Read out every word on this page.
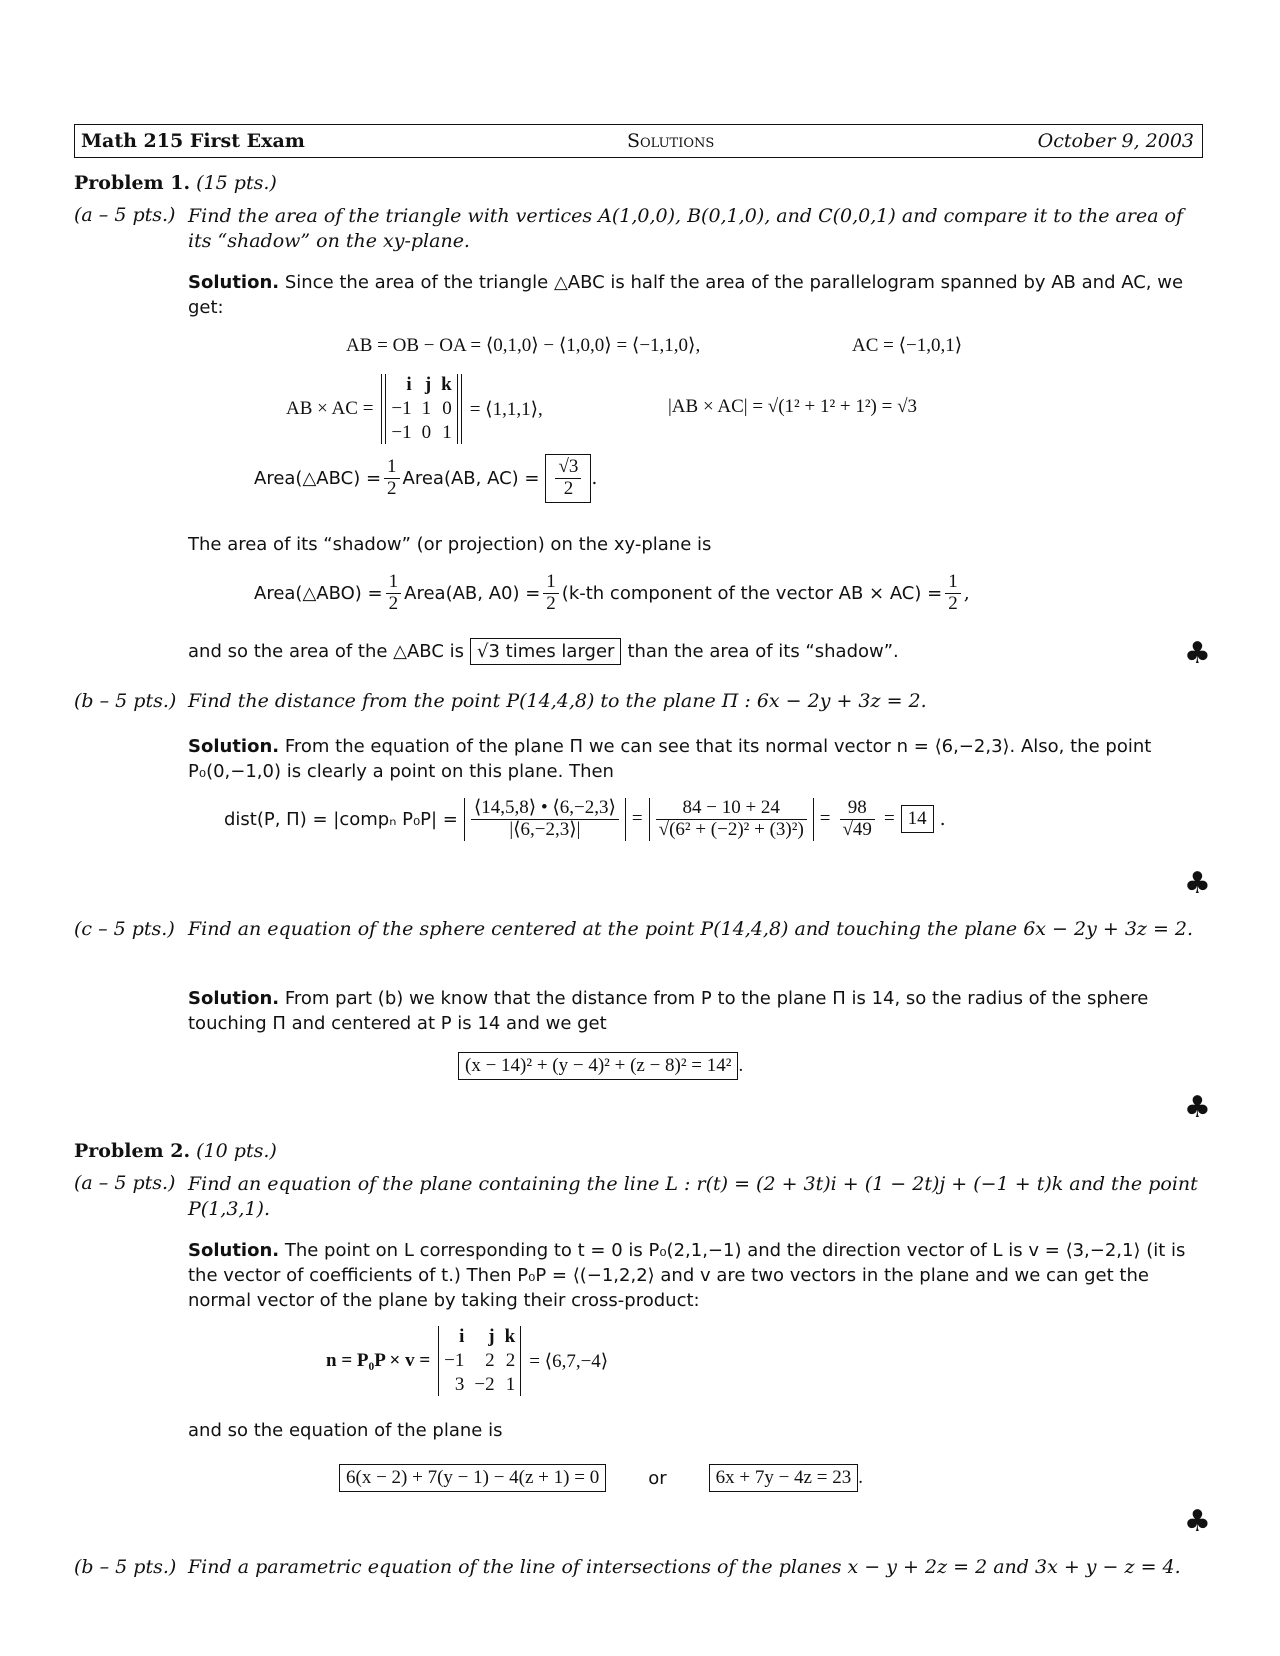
Math 215 First Exam	Solutions	October 9, 2003
Problem 1. (15 pts.)
(a – 5 pts.) Find the area of the triangle with vertices A(1,0,0), B(0,1,0), and C(0,0,1) and compare it to the area of its “shadow” on the xy-plane.
Solution. Since the area of the triangle △ABC is half the area of the parallelogram spanned by AB and AC, we get:
AB = OB − OA = ⟨0,1,0⟩ − ⟨1,0,0⟩ = ⟨−1,1,0⟩,	AC = ⟨−1,0,1⟩
AB × AC =
i j k
−1 1 0
−1 0 1
= ⟨1,1,1⟩,	|AB × AC| = √(1² + 1² + 1²) = √3
Area(△ABC) = $\frac{1}{2}$ Area(AB, $AC) = \frac{√3}{2}$ .
The area of its “shadow” (or projection) on the xy-plane is
Area(△ABO) = $\frac{1}{2}$ Area(AB, $A0) = \frac{1}{2} (k-th$ component of the vector AB × $AC) = \frac{1}{2}$ ,
and so the area of the △ABC is √3 times larger than the area of its “shadow”.	♣
(b – 5 pts.) Find the distance from the point P(14,4,8) to the plane Π : 6x − 2y + 3z = 2.
Solution. From the equation of the plane Π we can see that its normal vector n = ⟨6,−2,3⟩. Also, the point P₀(0,−1,0) is clearly a point on this plane. Then
dist(P, Π) = |compₙ $P_0P| = \frac{⟨14,5,8⟩ • ⟨6,-2,3⟩}{|⟨6,-2,3⟩|} = \frac{84 - 10 + 24}{\text{√(6² + (−2)² + (3)²)}} = \frac{98}{√49} = 14$ .
♣
(c – 5 pts.) Find an equation of the sphere centered at the point P(14,4,8) and touching the plane 6x − 2y + 3z = 2.
Solution. From part (b) we know that the distance from P to the plane Π is 14, so the radius of the sphere touching Π and centered at P is 14 and we get
(x − 14)² + (y − 4)² + (z − 8)² = 14² .
♣
Problem 2. (10 pts.)
(a – 5 pts.) Find an equation of the plane containing the line L : r(t) = (2 + 3t)i + (1 − 2t)j + (−1 + t)k and the point P(1,3,1).
Solution. The point on L corresponding to t = 0 is P₀(2,1,−1) and the direction vector of L is v = ⟨3,−2,1⟩ (it is the vector of coefficients of t.) Then P₀P = ⟨(−1,2,2⟩ and v are two vectors in the plane and we can get the normal vector of the plane by taking their cross-product:
n = P₀P × v =
i	j k
−1	2 2
3 −2 1
= ⟨6,7,−4⟩
and so the equation of the plane is
6(x − 2) + 7(y − 1) − 4(z + 1) = 0	or	6x + 7y − 4z = 23 .
♣
(b – 5 pts.) Find a parametric equation of the line of intersections of the planes x − y + 2z = 2 and 3x + y − z = 4.
